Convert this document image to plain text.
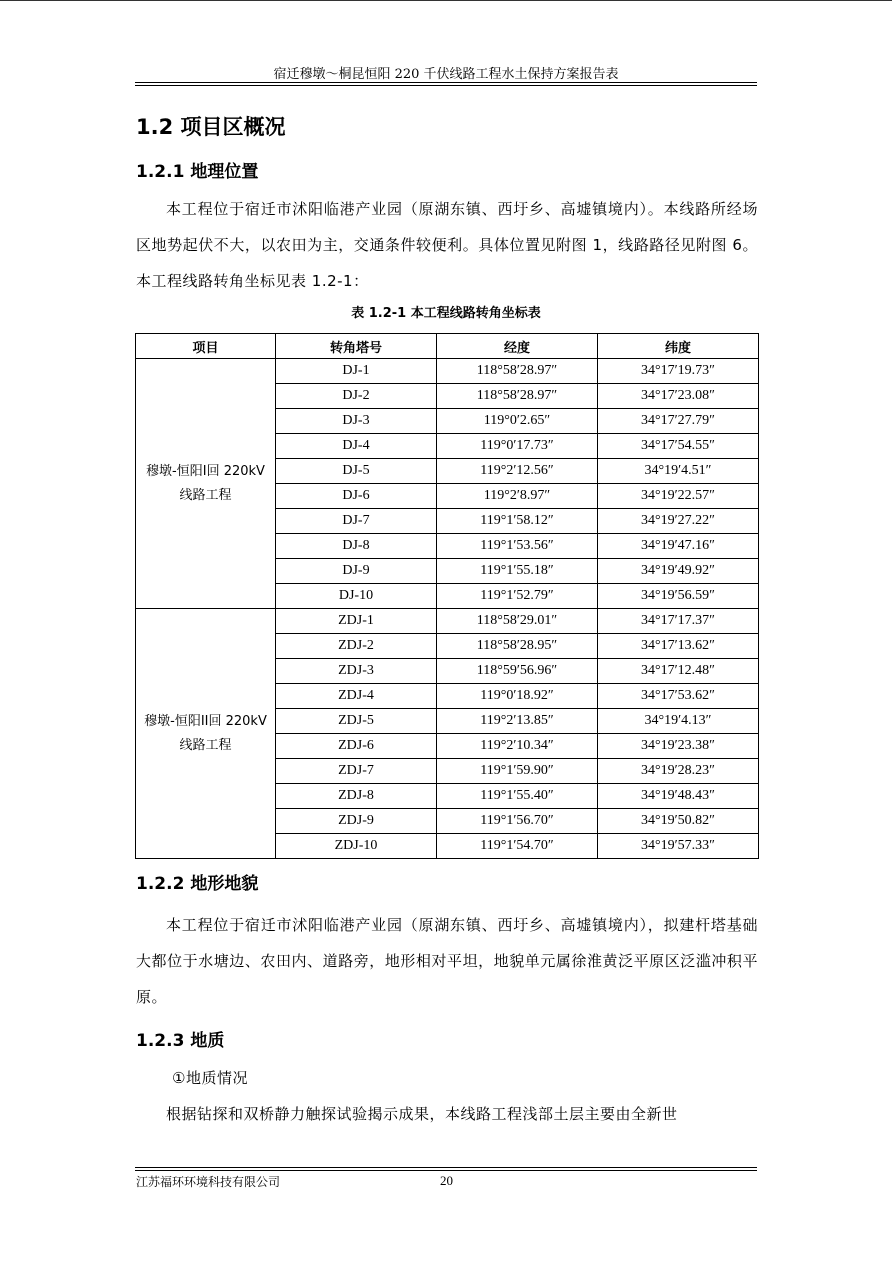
宿迁穆墩～桐昆恒阳 220 千伏线路工程水土保持方案报告表
1.2 项目区概况
1.2.1 地理位置
本工程位于宿迁市沭阳临港产业园（原湖东镇、西圩乡、高墟镇境内）。本线路所经场区地势起伏不大，以农田为主，交通条件较便利。具体位置见附图 1，线路路径见附图 6。本工程线路转角坐标见表 1.2-1：
表 1.2-1 本工程线路转角坐标表
项目	转角塔号	经度	纬度

穆墩-恒阳I回 220kV
线路工程	DJ-1	118°58′28.97″	34°17′19.73″
	DJ-2	118°58′28.97″	34°17′23.08″
	DJ-3	119°0′2.65″	34°17′27.79″
	DJ-4	119°0′17.73″	34°17′54.55″
	DJ-5	119°2′12.56″	34°19′4.51″
	DJ-6	119°2′8.97″	34°19′22.57″
	DJ-7	119°1′58.12″	34°19′27.22″
	DJ-8	119°1′53.56″	34°19′47.16″
	DJ-9	119°1′55.18″	34°19′49.92″
	DJ-10	119°1′52.79″	34°19′56.59″

穆墩-恒阳II回 220kV
线路工程	ZDJ-1	118°58′29.01″	34°17′17.37″
	ZDJ-2	118°58′28.95″	34°17′13.62″
	ZDJ-3	118°59′56.96″	34°17′12.48″
	ZDJ-4	119°0′18.92″	34°17′53.62″
	ZDJ-5	119°2′13.85″	34°19′4.13″
	ZDJ-6	119°2′10.34″	34°19′23.38″
	ZDJ-7	119°1′59.90″	34°19′28.23″
	ZDJ-8	119°1′55.40″	34°19′48.43″
	ZDJ-9	119°1′56.70″	34°19′50.82″
	ZDJ-10	119°1′54.70″	34°19′57.33″
1.2.2 地形地貌
本工程位于宿迁市沭阳临港产业园（原湖东镇、西圩乡、高墟镇境内），拟建杆塔基础大都位于水塘边、农田内、道路旁，地形相对平坦，地貌单元属徐淮黄泛平原区泛滥冲积平原。
1.2.3 地质
①地质情况
根据钻探和双桥静力触探试验揭示成果，本线路工程浅部土层主要由全新世
江苏福环环境科技有限公司	20
